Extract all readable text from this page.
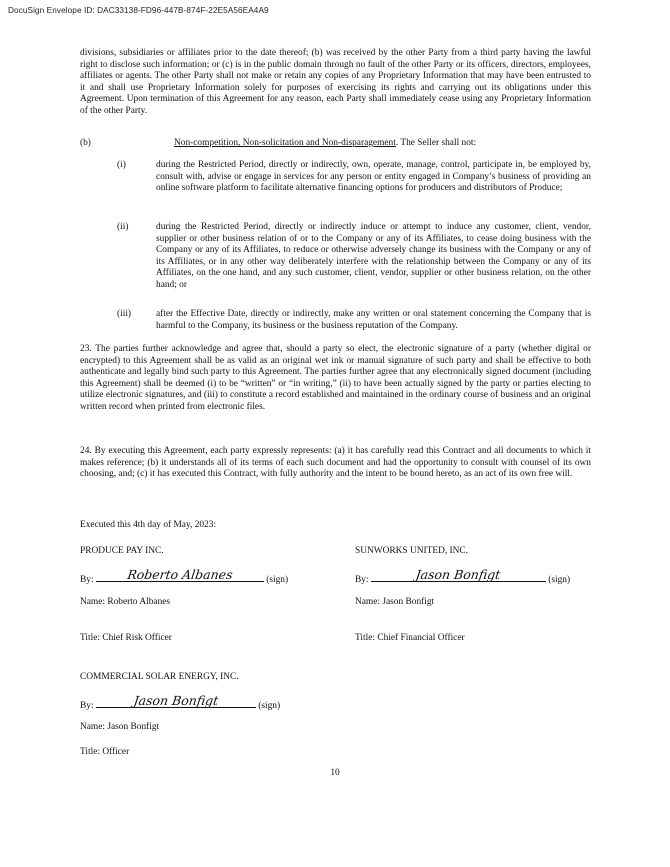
DocuSign Envelope ID: DAC33138-FD96-447B-874F-22E5A56EA4A9
divisions, subsidiaries or affiliates prior to the date thereof; (b) was received by the other Party from a third party having the lawful right to disclose such information; or (c) is in the public domain through no fault of the other Party or its officers, directors, employees, affiliates or agents. The other Party shall not make or retain any copies of any Proprietary Information that may have been entrusted to it and shall use Proprietary Information solely for purposes of exercising its rights and carrying out its obligations under this Agreement. Upon termination of this Agreement for any reason, each Party shall immediately cease using any Proprietary Information of the other Party.
(b)	Non-competition, Non-solicitation and Non-disparagement. The Seller shall not:
(i)	during the Restricted Period, directly or indirectly, own, operate, manage, control, participate in, be employed by, consult with, advise or engage in services for any person or entity engaged in Company’s business of providing an online software platform to facilitate alternative financing options for producers and distributors of Produce;
(ii)	during the Restricted Period, directly or indirectly induce or attempt to induce any customer, client, vendor, supplier or other business relation of or to the Company or any of its Affiliates, to cease doing business with the Company or any of its Affiliates, to reduce or otherwise adversely change its business with the Company or any of its Affiliates, or in any other way deliberately interfere with the relationship between the Company or any of its Affiliates, on the one hand, and any such customer, client, vendor, supplier or other business relation, on the other hand; or
(iii)	after the Effective Date, directly or indirectly, make any written or oral statement concerning the Company that is harmful to the Company, its business or the business reputation of the Company.
23. The parties further acknowledge and agree that, should a party so elect, the electronic signature of a party (whether digital or encrypted) to this Agreement shall be as valid as an original wet ink or manual signature of such party and shall be effective to both authenticate and legally bind such party to this Agreement. The parties further agree that any electronically signed document (including this Agreement) shall be deemed (i) to be “written” or “in writing,” (ii) to have been actually signed by the party or parties electing to utilize electronic signatures, and (iii) to constitute a record established and maintained in the ordinary course of business and an original written record when printed from electronic files.
24. By executing this Agreement, each party expressly represents: (a) it has carefully read this Contract and all documents to which it makes reference; (b) it understands all of its terms of each such document and had the opportunity to consult with counsel of its own choosing, and; (c) it has executed this Contract, with fully authority and the intent to be bound hereto, as an act of its own free will.
Executed this 4th day of May, 2023:
PRODUCE PAY INC.
By:	Roberto Albanes	(sign)
Name: Roberto Albanes
Title: Chief Risk Officer
SUNWORKS UNITED, INC.
By:	Jason Bonfigt	(sign)
Name: Jason Bonfigt
Title: Chief Financial Officer
COMMERCIAL SOLAR ENERGY, INC.
By:	Jason Bonfigt	(sign)
Name: Jason Bonfigt
Title: Officer
10
